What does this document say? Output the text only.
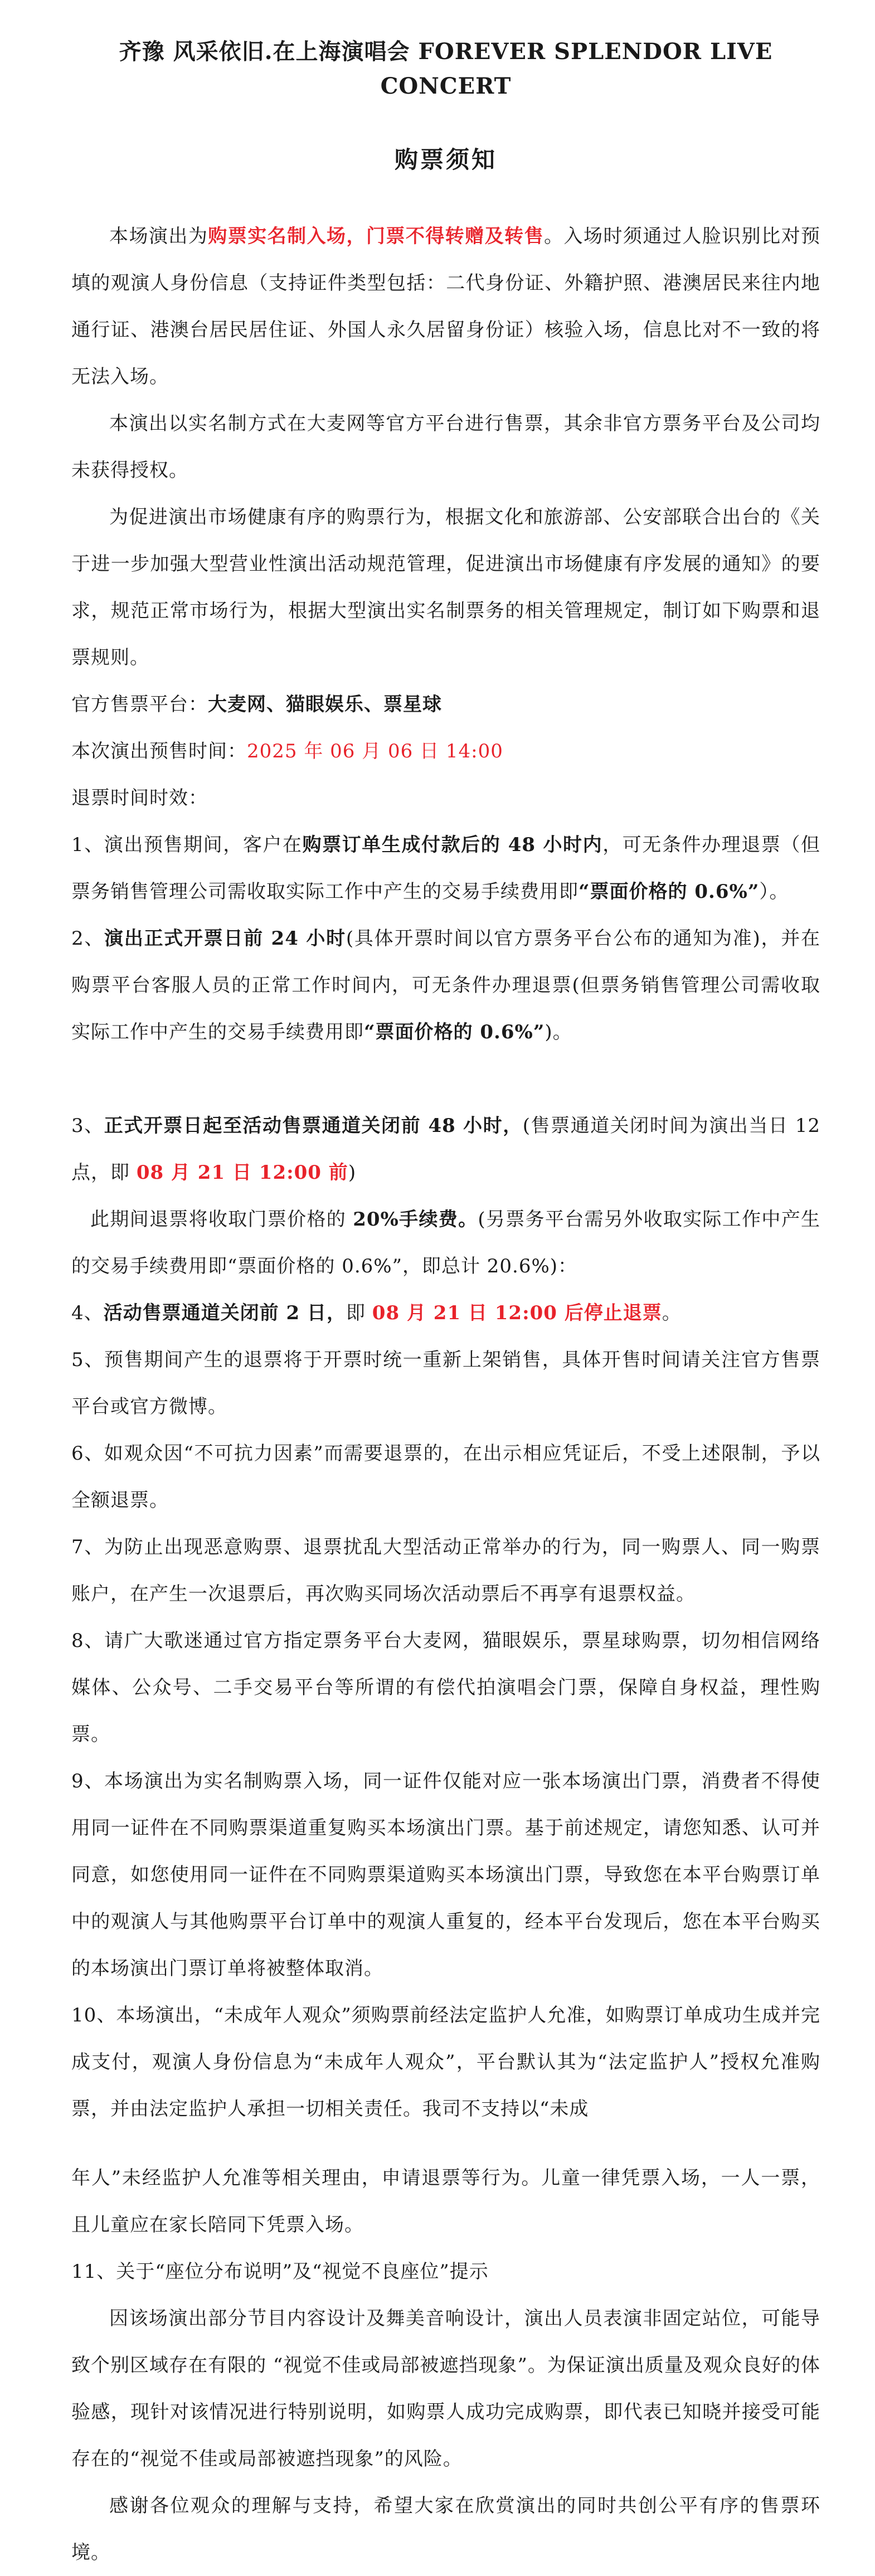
齐豫 风采依旧.在上海演唱会 FOREVER SPLENDOR LIVE CONCERT
购票须知

本场演出为购票实名制入场，门票不得转赠及转售。入场时须通过人脸识别比对预填的观演人身份信息（支持证件类型包括：二代身份证、外籍护照、港澳居民来往内地通行证、港澳台居民居住证、外国人永久居留身份证）核验入场，信息比对不一致的将无法入场。

本演出以实名制方式在大麦网等官方平台进行售票，其余非官方票务平台及公司均未获得授权。

为促进演出市场健康有序的购票行为，根据文化和旅游部、公安部联合出台的《关于进一步加强大型营业性演出活动规范管理，促进演出市场健康有序发展的通知》的要求，规范正常市场行为，根据大型演出实名制票务的相关管理规定，制订如下购票和退票规则。

官方售票平台：大麦网、猫眼娱乐、票星球

本次演出预售时间：2025 年 06 月 06 日 14:00

退票时间时效：

1、演出预售期间，客户在购票订单生成付款后的 48 小时内，可无条件办理退票（但票务销售管理公司需收取实际工作中产生的交易手续费用即“票面价格的 0.6%”）。

2、演出正式开票日前 24 小时(具体开票时间以官方票务平台公布的通知为准)，并在购票平台客服人员的正常工作时间内，可无条件办理退票(但票务销售管理公司需收取实际工作中产生的交易手续费用即“票面价格的 0.6%”)。

3、正式开票日起至活动售票通道关闭前 48 小时，(售票通道关闭时间为演出当日 12 点，即 08 月 21 日 12:00 前)

此期间退票将收取门票价格的 20%手续费。(另票务平台需另外收取实际工作中产生的交易手续费用即“票面价格的 0.6%”，即总计 20.6%)：

4、活动售票通道关闭前 2 日，即 08 月 21 日 12:00 后停止退票。

5、预售期间产生的退票将于开票时统一重新上架销售，具体开售时间请关注官方售票平台或官方微博。

6、如观众因“不可抗力因素”而需要退票的，在出示相应凭证后，不受上述限制，予以全额退票。

7、为防止出现恶意购票、退票扰乱大型活动正常举办的行为，同一购票人、同一购票账户，在产生一次退票后，再次购买同场次活动票后不再享有退票权益。

8、请广大歌迷通过官方指定票务平台大麦网，猫眼娱乐，票星球购票，切勿相信网络媒体、公众号、二手交易平台等所谓的有偿代拍演唱会门票，保障自身权益，理性购票。

9、本场演出为实名制购票入场，同一证件仅能对应一张本场演出门票，消费者不得使用同一证件在不同购票渠道重复购买本场演出门票。基于前述规定，请您知悉、认可并同意，如您使用同一证件在不同购票渠道购买本场演出门票，导致您在本平台购票订单中的观演人与其他购票平台订单中的观演人重复的，经本平台发现后，您在本平台购买的本场演出门票订单将被整体取消。

10、本场演出，“未成年人观众”须购票前经法定监护人允准，如购票订单成功生成并完成支付，观演人身份信息为“未成年人观众”，平台默认其为“法定监护人”授权允准购票，并由法定监护人承担一切相关责任。我司不支持以“未成

年人”未经监护人允准等相关理由，申请退票等行为。儿童一律凭票入场，一人一票，且儿童应在家长陪同下凭票入场。

11、关于“座位分布说明”及“视觉不良座位”提示

因该场演出部分节目内容设计及舞美音响设计，演出人员表演非固定站位，可能导致个别区域存在有限的 “视觉不佳或局部被遮挡现象”。为保证演出质量及观众良好的体验感，现针对该情况进行特别说明，如购票人成功完成购票，即代表已知晓并接受可能存在的“视觉不佳或局部被遮挡现象”的风险。

感谢各位观众的理解与支持，希望大家在欣赏演出的同时共创公平有序的售票环境。
